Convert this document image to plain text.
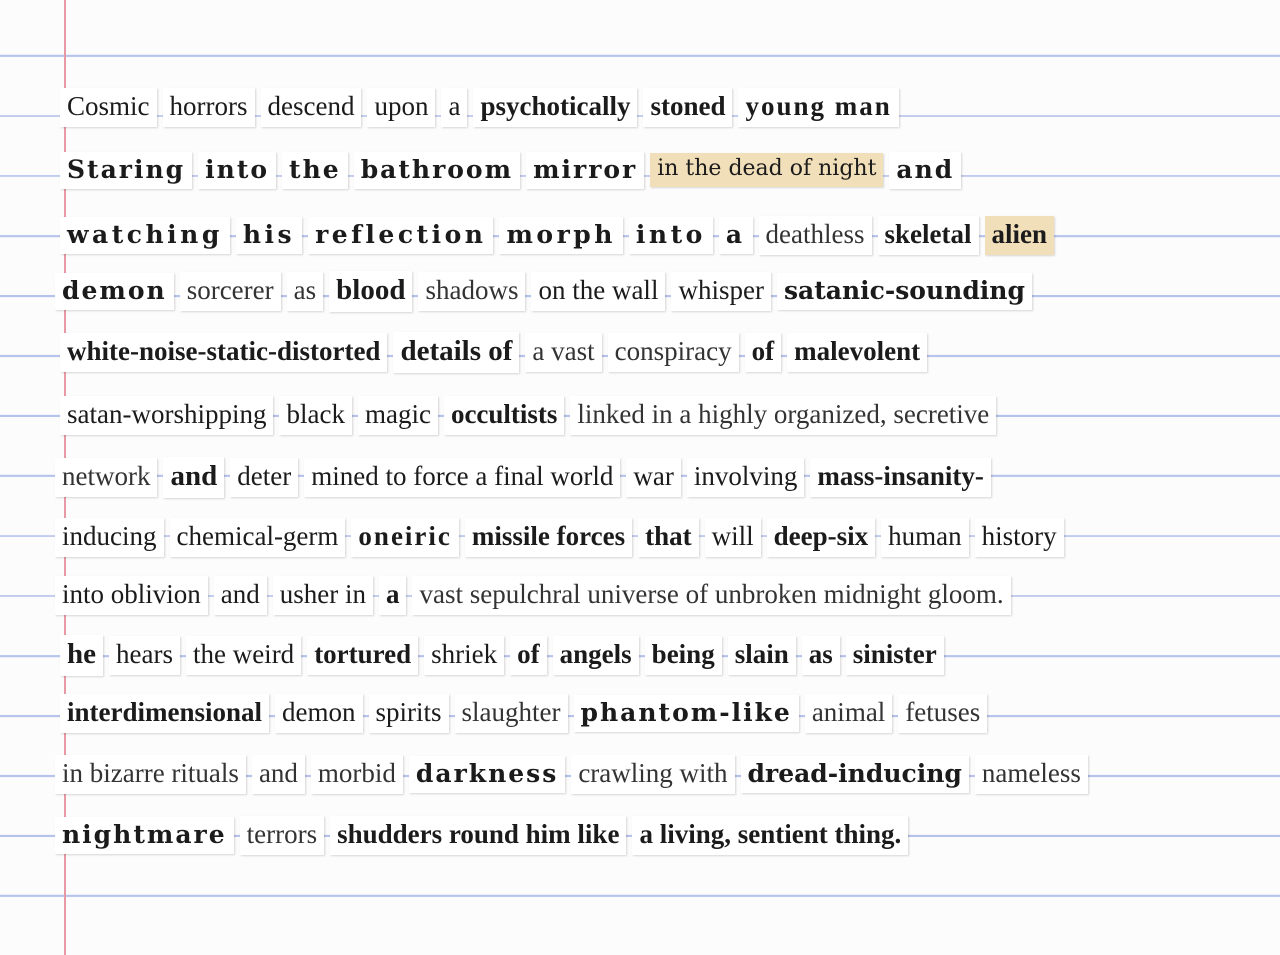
Cosmic horrors descend upon a psychotically stoned young man
Staring into the bathroom mirror in the dead of night and
watching his reflection morph into a deathless skeletal alien
demon sorcerer as blood shadows on the wall whisper satanic-sounding
white-noise-static-distorted details of a vast conspiracy of malevolent
satan-worshipping black magic occultists linked in a highly organized, secretive
network and deter mined to force a final world war involving mass-insanity-
inducing chemical-germ oneiric missile forces that will deep-six human history
into oblivion and usher in a vast sepulchral universe of unbroken midnight gloom.
he hears the weird tortured shriek of angels being slain as sinister
interdimensional demon spirits slaughter phantom-like animal fetuses
in bizarre rituals and morbid darkness crawling with dread-inducing nameless
nightmare terrors shudders round him like a living, sentient thing.
